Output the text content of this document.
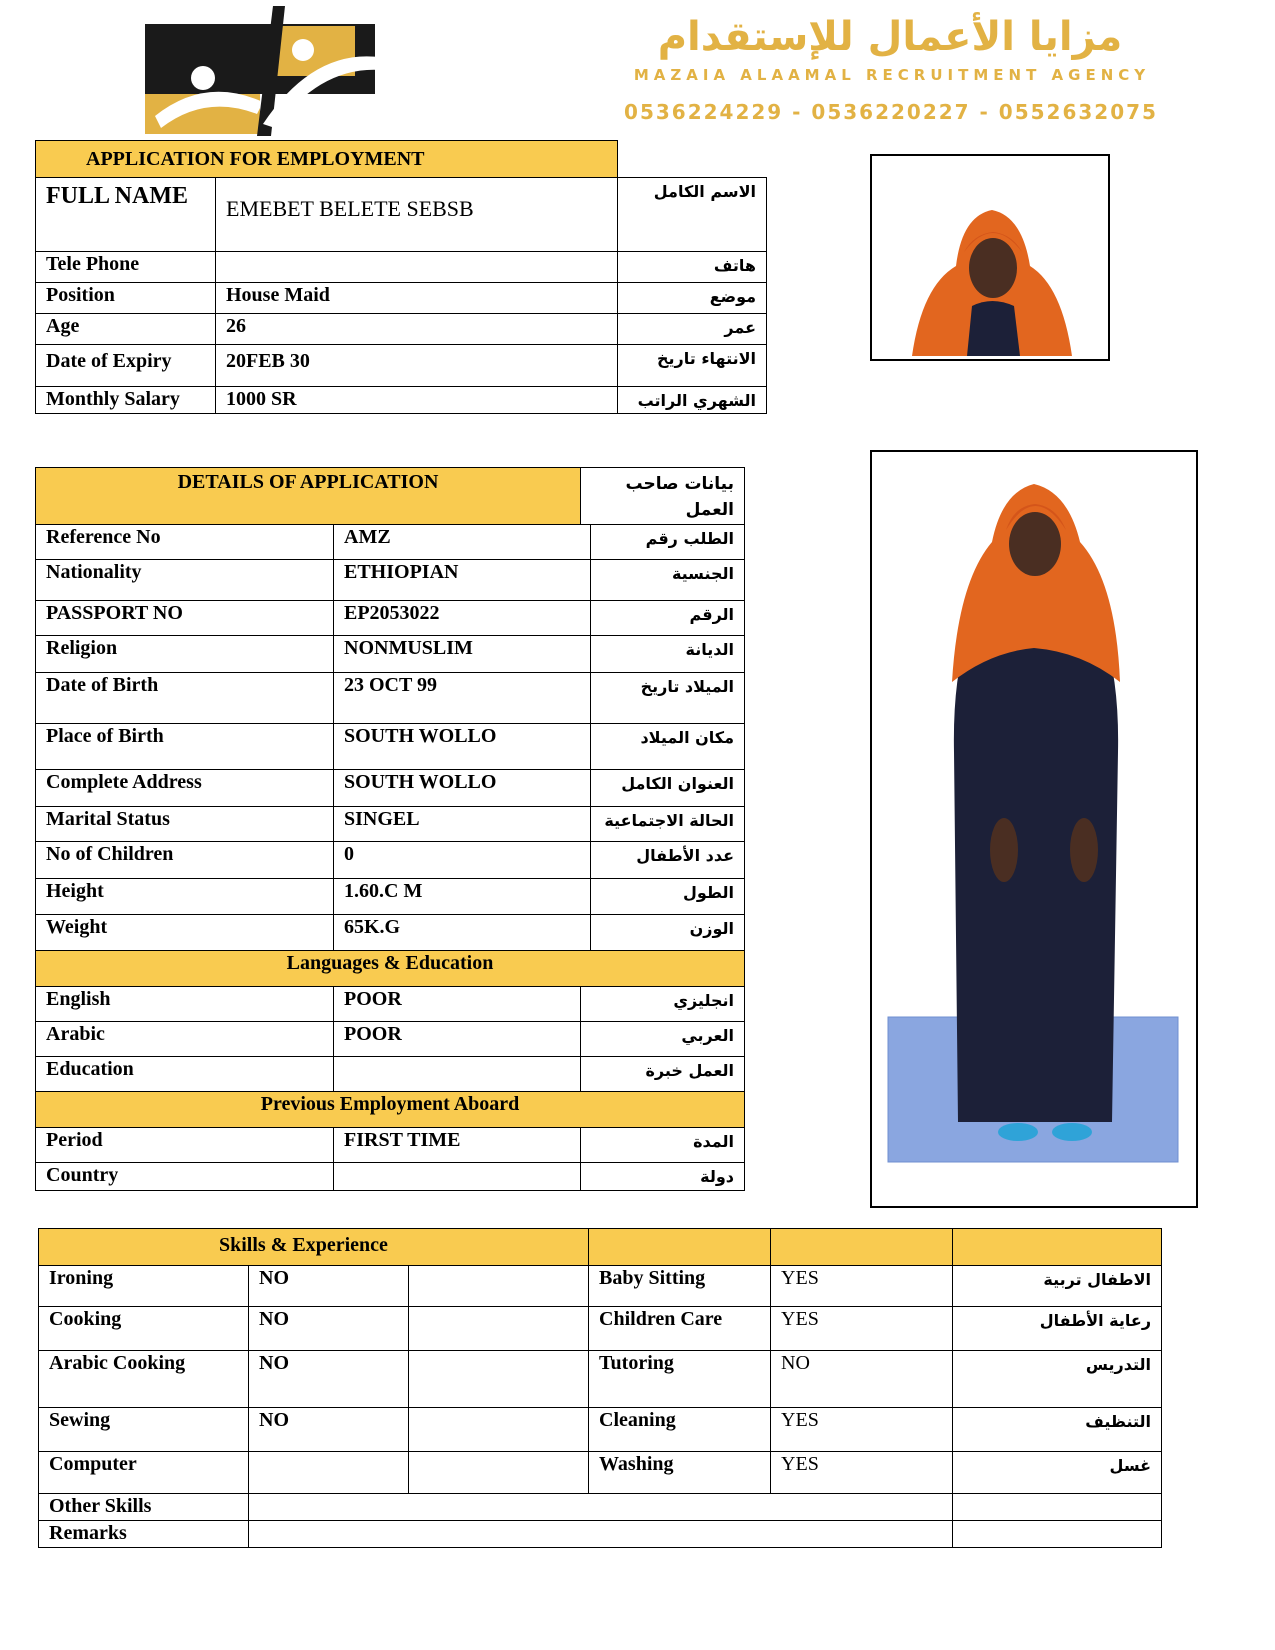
مزايا الأعمال للإستقدام
MAZAIA ALAAMAL RECRUITMENT AGENCY
0536224229 - 0536220227 - 0552632075
APPLICATION FOR EMPLOYMENT		
FULL NAME	EMEBET BELETE SEBSB	الاسم الكامل
Tele Phone		هاتف
Position	House Maid	موضع
Age	26	عمر
Date of Expiry	20FEB 30	الانتهاء تاريخ
Monthly Salary	1000 SR	الشهري الراتب
DETAILS OF APPLICATION		بيانات صاحب العمل	
Reference No	AMZ		الطلب رقم
Nationality	ETHIOPIAN		الجنسية
PASSPORT NO	EP2053022		الرقم
Religion	NONMUSLIM		الديانة
Date of Birth	23 OCT 99		الميلاد تاريخ
Place of Birth	SOUTH WOLLO		مكان الميلاد
Complete Address	SOUTH WOLLO		العنوان الكامل
Marital Status	SINGEL		الحالة الاجتماعية
No of Children	0		عدد الأطفال
Height	1.60.C M		الطول
Weight	65K.G		الوزن
Languages & Education			
English	POOR	انجليزي	
Arabic	POOR	العربي	
Education		العمل خبرة	
Previous Employment Aboard			
Period	FIRST TIME	المدة	
Country		دولة	
Skills & Experience					
Ironing	NO		Baby Sitting	YES	الاطفال تربية
Cooking	NO		Children Care	YES	رعاية الأطفال
Arabic Cooking	NO		Tutoring	NO	التدريس
Sewing	NO		Cleaning	YES	التنظيف
Computer			Washing	YES	غسل
Other Skills					
Remarks					
